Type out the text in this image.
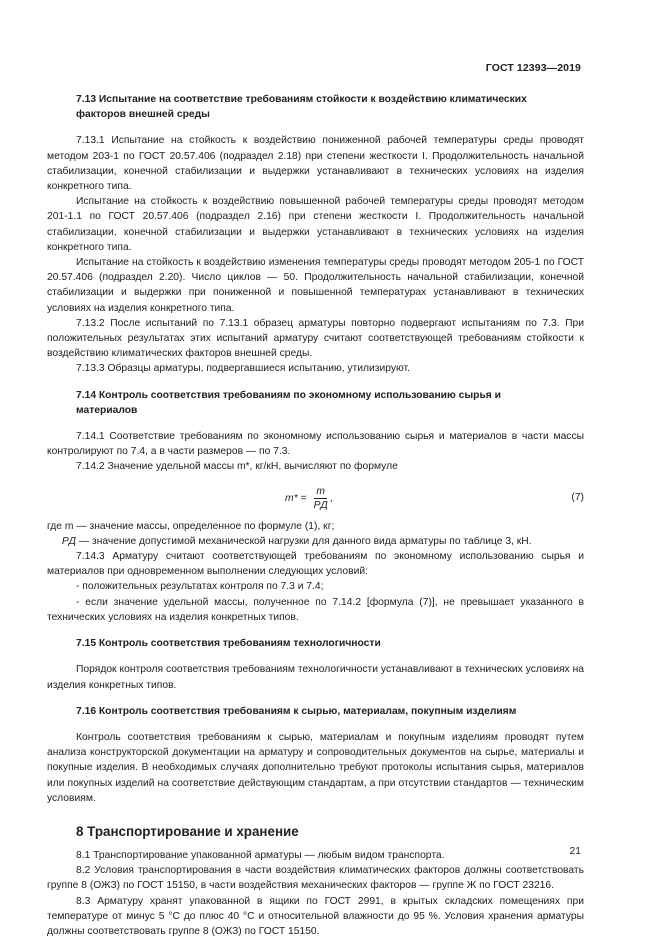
ГОСТ 12393—2019
7.13 Испытание на соответствие требованиям стойкости к воздействию климатических
факторов внешней среды

7.13.1 Испытание на стойкость к воздействию пониженной рабочей температуры среды проводят методом 203-1 по ГОСТ 20.57.406 (подраздел 2.18) при степени жесткости I. Продолжительность начальной стабилизации, конечной стабилизации и выдержки устанавливают в технических условиях на изделия конкретного типа.

Испытание на стойкость к воздействию повышенной рабочей температуры среды проводят методом 201-1.1 по ГОСТ 20.57.406 (подраздел 2.16) при степени жесткости I. Продолжительность начальной стабилизации, конечной стабилизации и выдержки устанавливают в технических условиях на изделия конкретного типа.

Испытание на стойкость к воздействию изменения температуры среды проводят методом 205-1 по ГОСТ 20.57.406 (подраздел 2.20). Число циклов — 50. Продолжительность начальной стабилизации, конечной стабилизации и выдержки при пониженной и повышенной температурах устанавливают в технических условиях на изделия конкретного типа.

7.13.2 После испытаний по 7.13.1 образец арматуры повторно подвергают испытаниям по 7.3. При положительных результатах этих испытаний арматуру считают соответствующей требованиям стойкости к воздействию климатических факторов внешней среды.

7.13.3 Образцы арматуры, подвергавшиеся испытанию, утилизируют.

7.14 Контроль соответствия требованиям по экономному использованию сырья и
материалов

7.14.1 Соответствие требованиям по экономному использованию сырья и материалов в части массы контролируют по 7.4, а в части размеров — по 7.3.

7.14.2 Значение удельной массы m*, кг/кН, вычисляют по формуле

$m* = \frac{m}{PД}$ ,	(7)

где m — значение массы, определенное по формуле (1), кг;

PД — значение допустимой механической нагрузки для данного вида арматуры по таблице 3, кН.

7.14.3 Арматуру считают соответствующей требованиям по экономному использованию сырья и материалов при одновременном выполнении следующих условий:

- положительных результатах контроля по 7.3 и 7.4;

- если значение удельной массы, полученное по 7.14.2 [формула (7)], не превышает указанного в технических условиях на изделия конкретных типов.

7.15 Контроль соответствия требованиям технологичности

Порядок контроля соответствия требованиям технологичности устанавливают в технических условиях на изделия конкретных типов.

7.16 Контроль соответствия требованиям к сырью, материалам, покупным изделиям

Контроль соответствия требованиям к сырью, материалам и покупным изделиям проводят путем анализа конструкторской документации на арматуру и сопроводительных документов на сырье, материалы и покупные изделия. В необходимых случаях дополнительно требуют протоколы испытания сырья, материалов или покупных изделий на соответствие действующим стандартам, а при отсутствии стандартов — техническим условиям.

8 Транспортирование и хранение

8.1 Транспортирование упакованной арматуры — любым видом транспорта.

8.2 Условия транспортирования в части воздействия климатических факторов должны соответствовать группе 8 (ОЖЗ) по ГОСТ 15150, в части воздействия механических факторов — группе Ж по ГОСТ 23216.

8.3 Арматуру хранят упакованной в ящики по ГОСТ 2991, в крытых складских помещениях при температуре от минус 5 °С до плюс 40 °С и относительной влажности до 95 %. Условия хранения арматуры должны соответствовать группе 8 (ОЖЗ) по ГОСТ 15150.

21
